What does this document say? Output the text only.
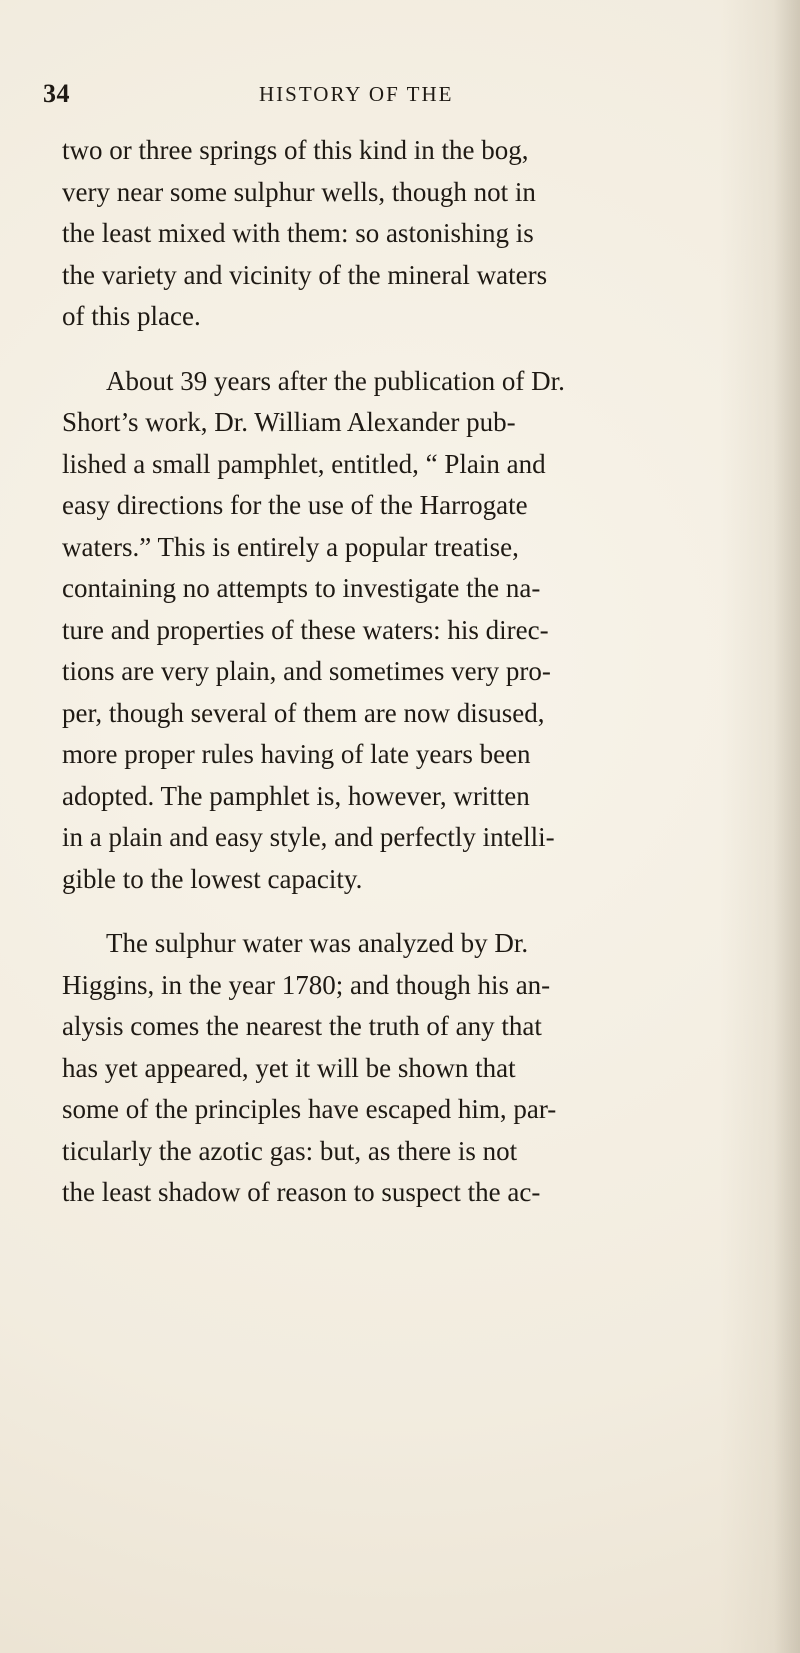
34	HISTORY OF THE

two or three springs of this kind in the bog,
very near some sulphur wells, though not in
the least mixed with them: so astonishing is
the variety and vicinity of the mineral waters
of this place.

About 39 years after the publication of Dr.
Short’s work, Dr. William Alexander pub-
lished a small pamphlet, entitled, “ Plain and
easy directions for the use of the Harrogate
waters.” This is entirely a popular treatise,
containing no attempts to investigate the na-
ture and properties of these waters: his direc-
tions are very plain, and sometimes very pro-
per, though several of them are now disused,
more proper rules having of late years been
adopted. The pamphlet is, however, written
in a plain and easy style, and perfectly intelli-
gible to the lowest capacity.

The sulphur water was analyzed by Dr.
Higgins, in the year 1780; and though his an-
alysis comes the nearest the truth of any that
has yet appeared, yet it will be shown that
some of the principles have escaped him, par-
ticularly the azotic gas: but, as there is not
the least shadow of reason to suspect the ac-
